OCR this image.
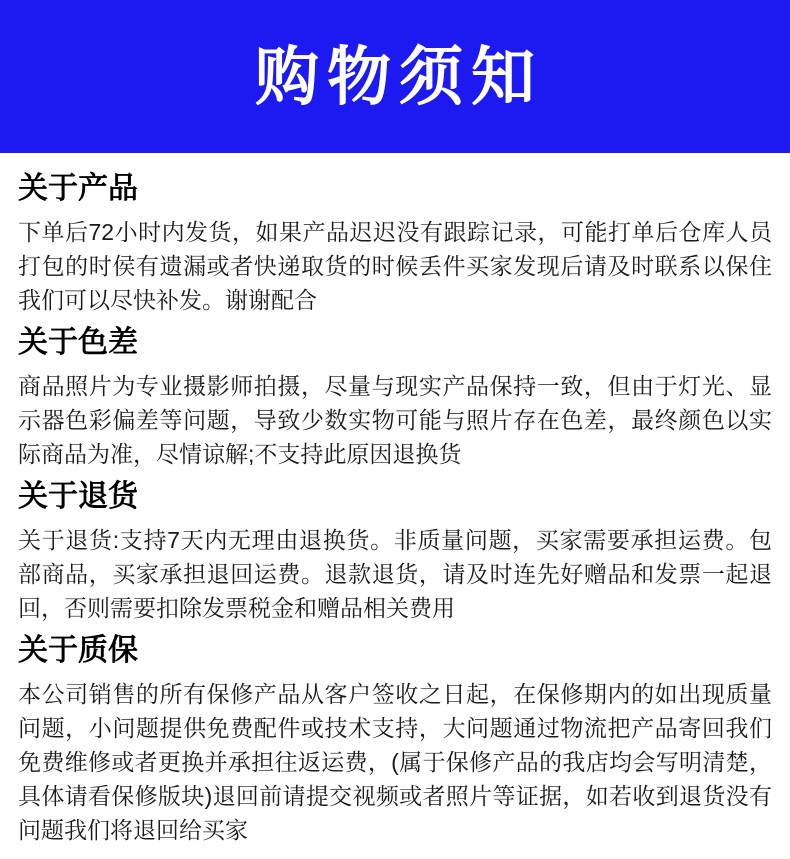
购物须知
关于产品

下单后72小时内发货，如果产品迟迟没有跟踪记录，可能打单后仓库人员打包的时侯有遗漏或者快递取货的时候丢件买家发现后请及时联系以保住我们可以尽快补发。谢谢配合

关于色差

商品照片为专业摄影师拍摄，尽量与现实产品保持一致，但由于灯光、显示器色彩偏差等问题，导致少数实物可能与照片存在色差，最终颜色以实际商品为准，尽情谅解;不支持此原因退换货

关于退货

关于退货:支持7天内无理由退换货。非质量问题，买家需要承担运费。包部商品，买家承担退回运费。退款退货，请及时连先好赠品和发票一起退回，否则需要扣除发票税金和赠品相关费用

关于质保

本公司销售的所有保修产品从客户签收之日起，在保修期内的如出现质量问题，小问题提供免费配件或技术支持，大问题通过物流把产品寄回我们免费维修或者更换并承担往返运费，(属于保修产品的我店均会写明清楚，具体请看保修版块)退回前请提交视频或者照片等证据，如若收到退货没有问题我们将退回给买家
